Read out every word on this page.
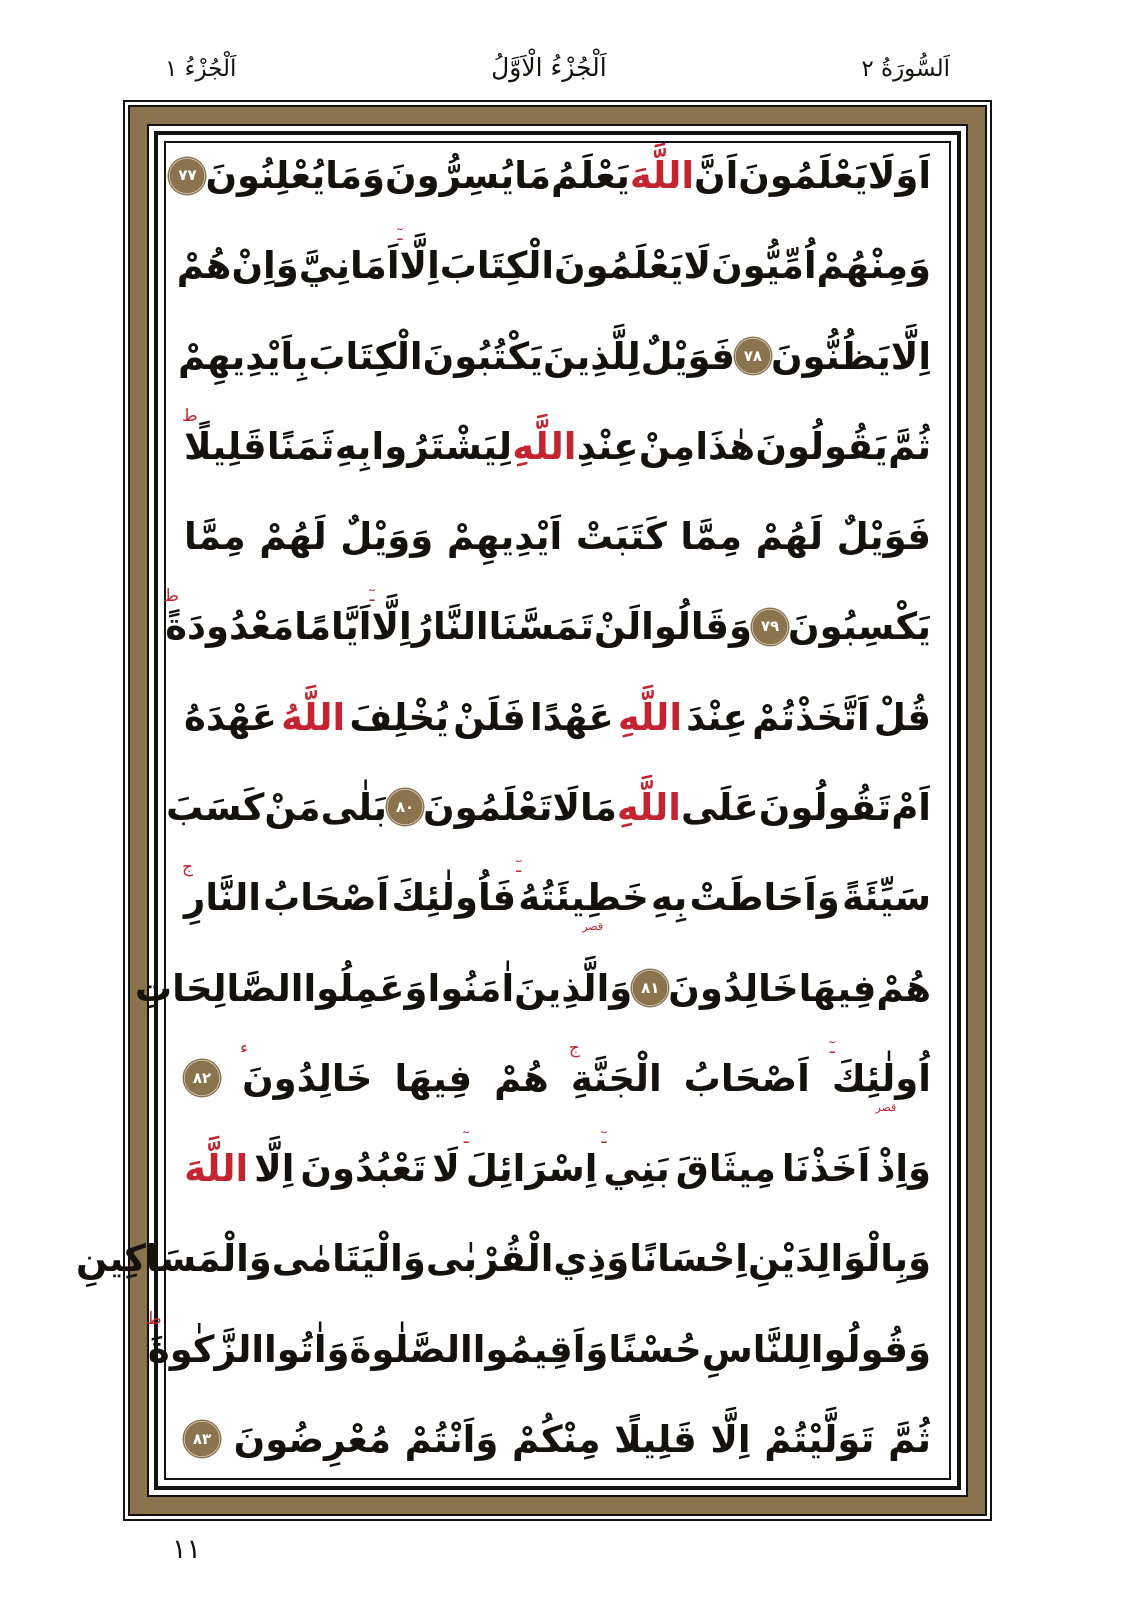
اَلسُّورَةُ ٢
اَلْجُزْءُ الْاَوَّلُ
اَلْجُزْءُ ١
اَوَلَا
يَعْلَمُونَ
اَنَّ
اللَّهَ
يَعْلَمُ
مَا
يُسِرُّونَ
وَمَا
يُعْلِنُونَ
٧٧
وَمِنْهُمْ
اُمِّيُّونَ
لَا
يَعْلَمُونَ
الْكِتَابَ
اِلَّا
ـٓ
اَمَانِيَّ
وَاِنْ
هُمْ
اِلَّا
يَظُنُّونَ
٧٨
فَوَيْلٌ
لِلَّذِينَ
يَكْتُبُونَ
الْكِتَابَ
بِاَيْدِيهِمْ
ثُمَّ
يَقُولُونَ
هٰذَا
مِنْ
عِنْدِ
اللَّهِ
لِيَشْتَرُوا
بِهِ
ثَمَنًا
قَلِيلًا
ط
فَوَيْلٌ
لَهُمْ
مِمَّا
كَتَبَتْ
اَيْدِيهِمْ
وَوَيْلٌ
لَهُمْ
مِمَّا
يَكْسِبُونَ
٧٩
وَقَالُوا
لَنْ
تَمَسَّنَا
النَّارُ
اِلَّا
ـٓ
اَيَّامًا
مَعْدُودَةً
ط
قُلْ
اَتَّخَذْتُمْ
عِنْدَ
اللَّهِ
عَهْدًا
فَلَنْ
يُخْلِفَ
اللَّهُ
عَهْدَهُ
اَمْ
تَقُولُونَ
عَلَى
اللَّهِ
مَا
لَا
تَعْلَمُونَ
٨٠
بَلٰى
مَنْ
كَسَبَ
سَيِّئَةً
وَاَحَاطَتْ
بِهِ
خَطِيئَتُهُ
ـٓ
قصر
فَاُولٰئِكَ
اَصْحَابُ
النَّارِ
ج
هُمْ
فِيهَا
خَالِدُونَ
٨١
وَالَّذِينَ
اٰمَنُوا
وَعَمِلُوا
الصَّالِحَاتِ
اُولٰئِكَ
ـٓ
قصر
اَصْحَابُ
الْجَنَّةِ
ج
هُمْ
فِيهَا
خَالِدُونَ
ء
٨٢
وَاِذْ
اَخَذْنَا
مِيثَاقَ
بَنِي
ـٓ
اِسْرَائِلَ
ـٓ
لَا
تَعْبُدُونَ
اِلَّا
اللَّهَ
وَبِالْوَالِدَيْنِ
اِحْسَانًا
وَذِي
الْقُرْبٰى
وَالْيَتَامٰى
وَالْمَسَاكِينِ
وَقُولُوا
لِلنَّاسِ
حُسْنًا
وَاَقِيمُوا
الصَّلٰوةَ
وَاٰتُوا
الزَّكٰوةَ
ط
ثُمَّ
تَوَلَّيْتُمْ
اِلَّا
قَلِيلًا
مِنْكُمْ
وَاَنْتُمْ
مُعْرِضُونَ
٨٣
١١
